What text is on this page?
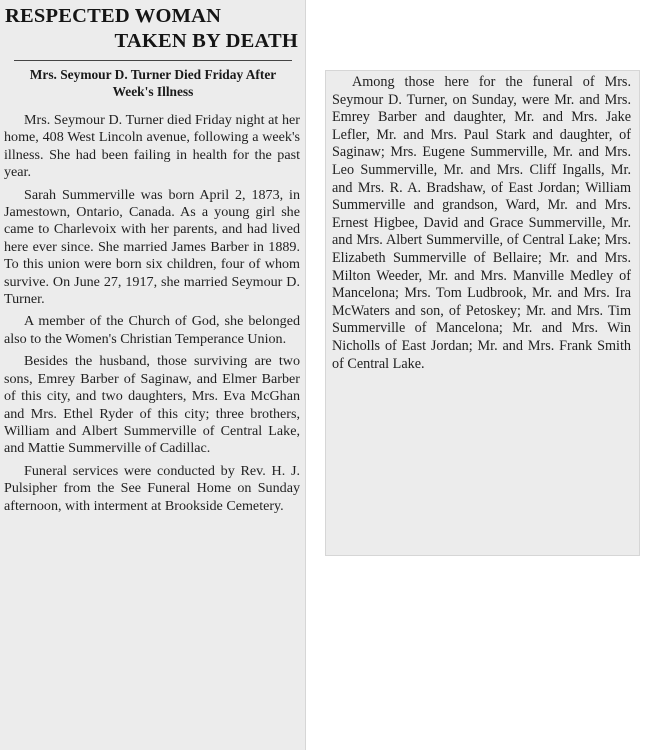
RESPECTED WOMAN
TAKEN BY DEATH
Mrs. Seymour D. Turner Died Friday After Week's Illness

Mrs. Seymour D. Turner died Friday night at her home, 408 West Lincoln avenue, following a week's illness. She had been failing in health for the past year.

Sarah Summerville was born April 2, 1873, in Jamestown, Ontario, Canada. As a young girl she came to Charlevoix with her parents, and had lived here ever since. She married James Barber in 1889. To this union were born six children, four of whom survive. On June 27, 1917, she married Seymour D. Turner.

A member of the Church of God, she belonged also to the Women's Christian Temperance Union.

Besides the husband, those surviving are two sons, Emrey Barber of Saginaw, and Elmer Barber of this city, and two daughters, Mrs. Eva McGhan and Mrs. Ethel Ryder of this city; three brothers, William and Albert Summerville of Central Lake, and Mattie Summerville of Cadillac.

Funeral services were conducted by Rev. H. J. Pulsipher from the See Funeral Home on Sunday afternoon, with interment at Brookside Cemetery.

Among those here for the funeral of Mrs. Seymour D. Turner, on Sunday, were Mr. and Mrs. Emrey Barber and daughter, Mr. and Mrs. Jake Lefler, Mr. and Mrs. Paul Stark and daughter, of Saginaw; Mrs. Eugene Summerville, Mr. and Mrs. Leo Summerville, Mr. and Mrs. Cliff Ingalls, Mr. and Mrs. R. A. Bradshaw, of East Jordan; William Summerville and grandson, Ward, Mr. and Mrs. Ernest Higbee, David and Grace Summerville, Mr. and Mrs. Albert Summerville, of Central Lake; Mrs. Elizabeth Summerville of Bellaire; Mr. and Mrs. Milton Weeder, Mr. and Mrs. Manville Medley of Mancelona; Mrs. Tom Ludbrook, Mr. and Mrs. Ira McWaters and son, of Petoskey; Mr. and Mrs. Tim Summerville of Mancelona; Mr. and Mrs. Win Nicholls of East Jordan; Mr. and Mrs. Frank Smith of Central Lake.
